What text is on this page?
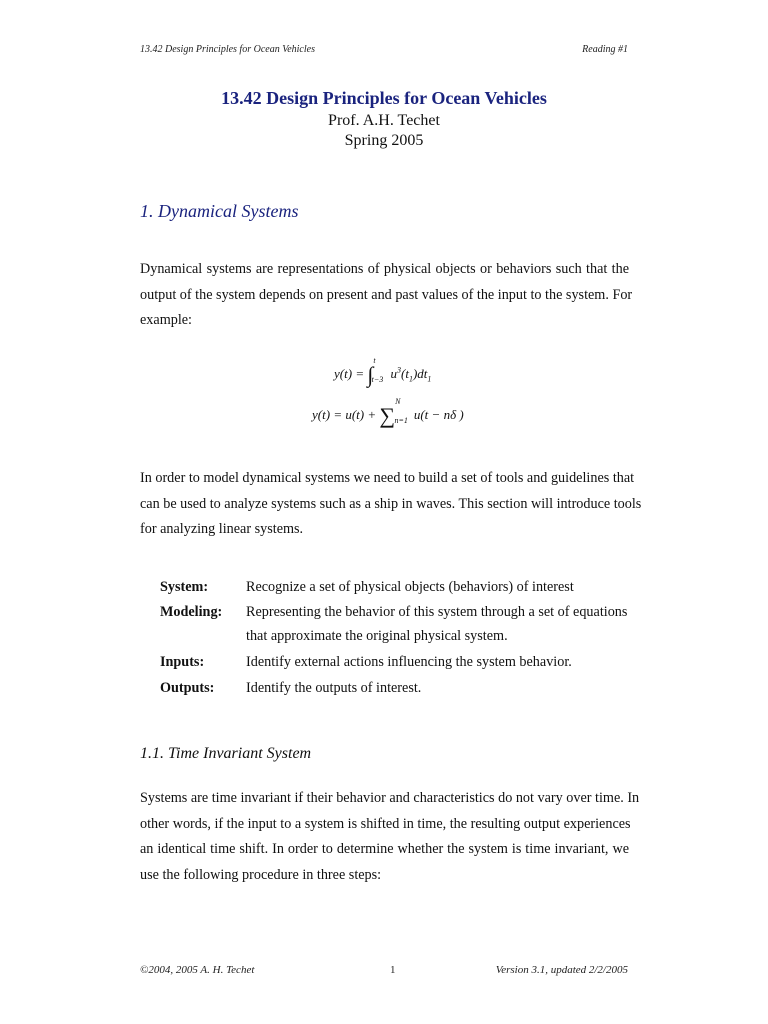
13.42 Design Principles for Ocean Vehicles	Reading #1
13.42 Design Principles for Ocean Vehicles
Prof. A.H. Techet
Spring 2005
1. Dynamical Systems
Dynamical systems are representations of physical objects or behaviors such that the
output of the system depends on present and past values of the input to the system. For
example:
y(t) = ∫$^t_{t-3}$ $u^3(t_1)dt_1$
y(t) = u(t) + ∑$^N_{n=1}$ u(t − nδ )
In order to model dynamical systems we need to build a set of tools and guidelines that
can be used to analyze systems such as a ship in waves. This section will introduce tools
for analyzing linear systems.
System:	Recognize a set of physical objects (behaviors) of interest
Modeling: Representing the behavior of this system through a set of equations
that approximate the original physical system.
Inputs:	Identify external actions influencing the system behavior.
Outputs: Identify the outputs of interest.
1.1. Time Invariant System
Systems are time invariant if their behavior and characteristics do not vary over time. In
other words, if the input to a system is shifted in time, the resulting output experiences
an identical time shift. In order to determine whether the system is time invariant, we
use the following procedure in three steps:
©2004, 2005 A. H. Techet	1	Version 3.1, updated 2/2/2005
